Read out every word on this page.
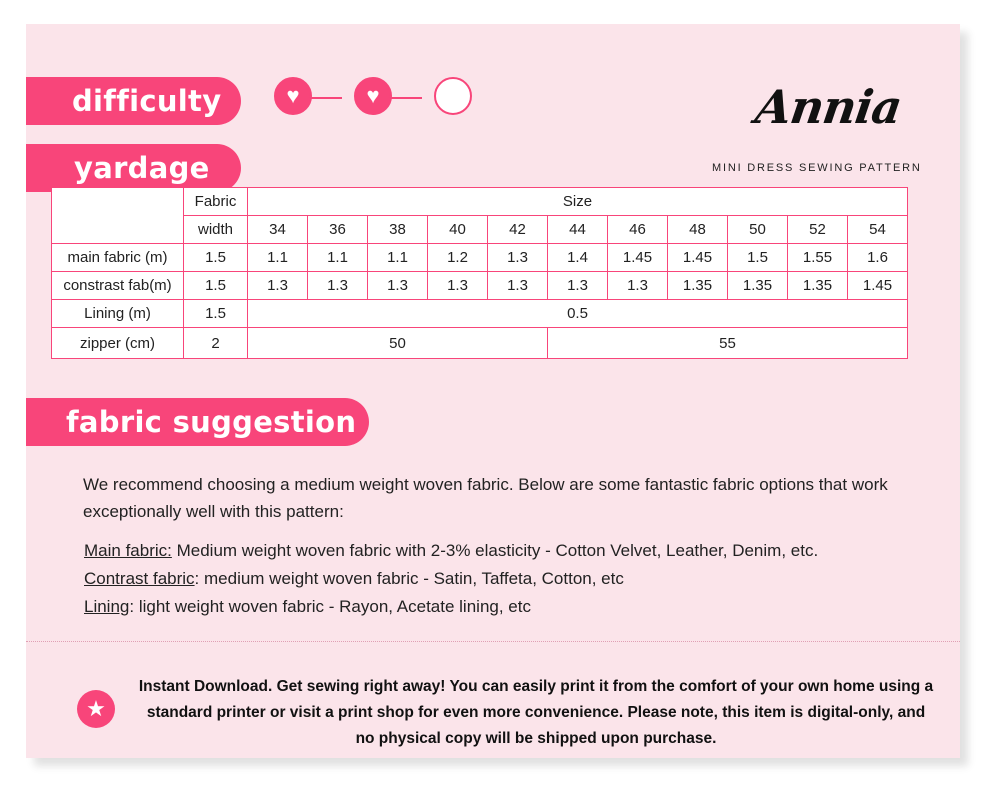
difficulty	♥	♥
yardage
Annia
MINI DRESS SEWING PATTERN
fabric suggestion
We recommend choosing a medium weight woven fabric. Below are some fantastic fabric options that work exceptionally well with this pattern:
Main fabric: Medium weight woven fabric with 2-3% elasticity - Cotton Velvet, Leather, Denim, etc.
Contrast fabric: medium weight woven fabric - Satin, Taffeta, Cotton, etc
Lining: light weight woven fabric - Rayon, Acetate lining, etc
★
Instant Download. Get sewing right away! You can easily print it from the comfort of your own home using a standard printer or visit a print shop for even more convenience. Please note, this item is digital-only, and no physical copy will be shipped upon purchase.
	Fabric	Size										
	width	34	36	38	40	42	44	46	48	50	52	54
main fabric (m)	1.5	1.1	1.1	1.1	1.2	1.3	1.4	1.45	1.45	1.5	1.55	1.6
constrast fab(m)	1.5	1.3	1.3	1.3	1.3	1.3	1.3	1.3	1.35	1.35	1.35	1.45
Lining (m)	1.5	0.5										
zipper (cm)	2	50					55					
